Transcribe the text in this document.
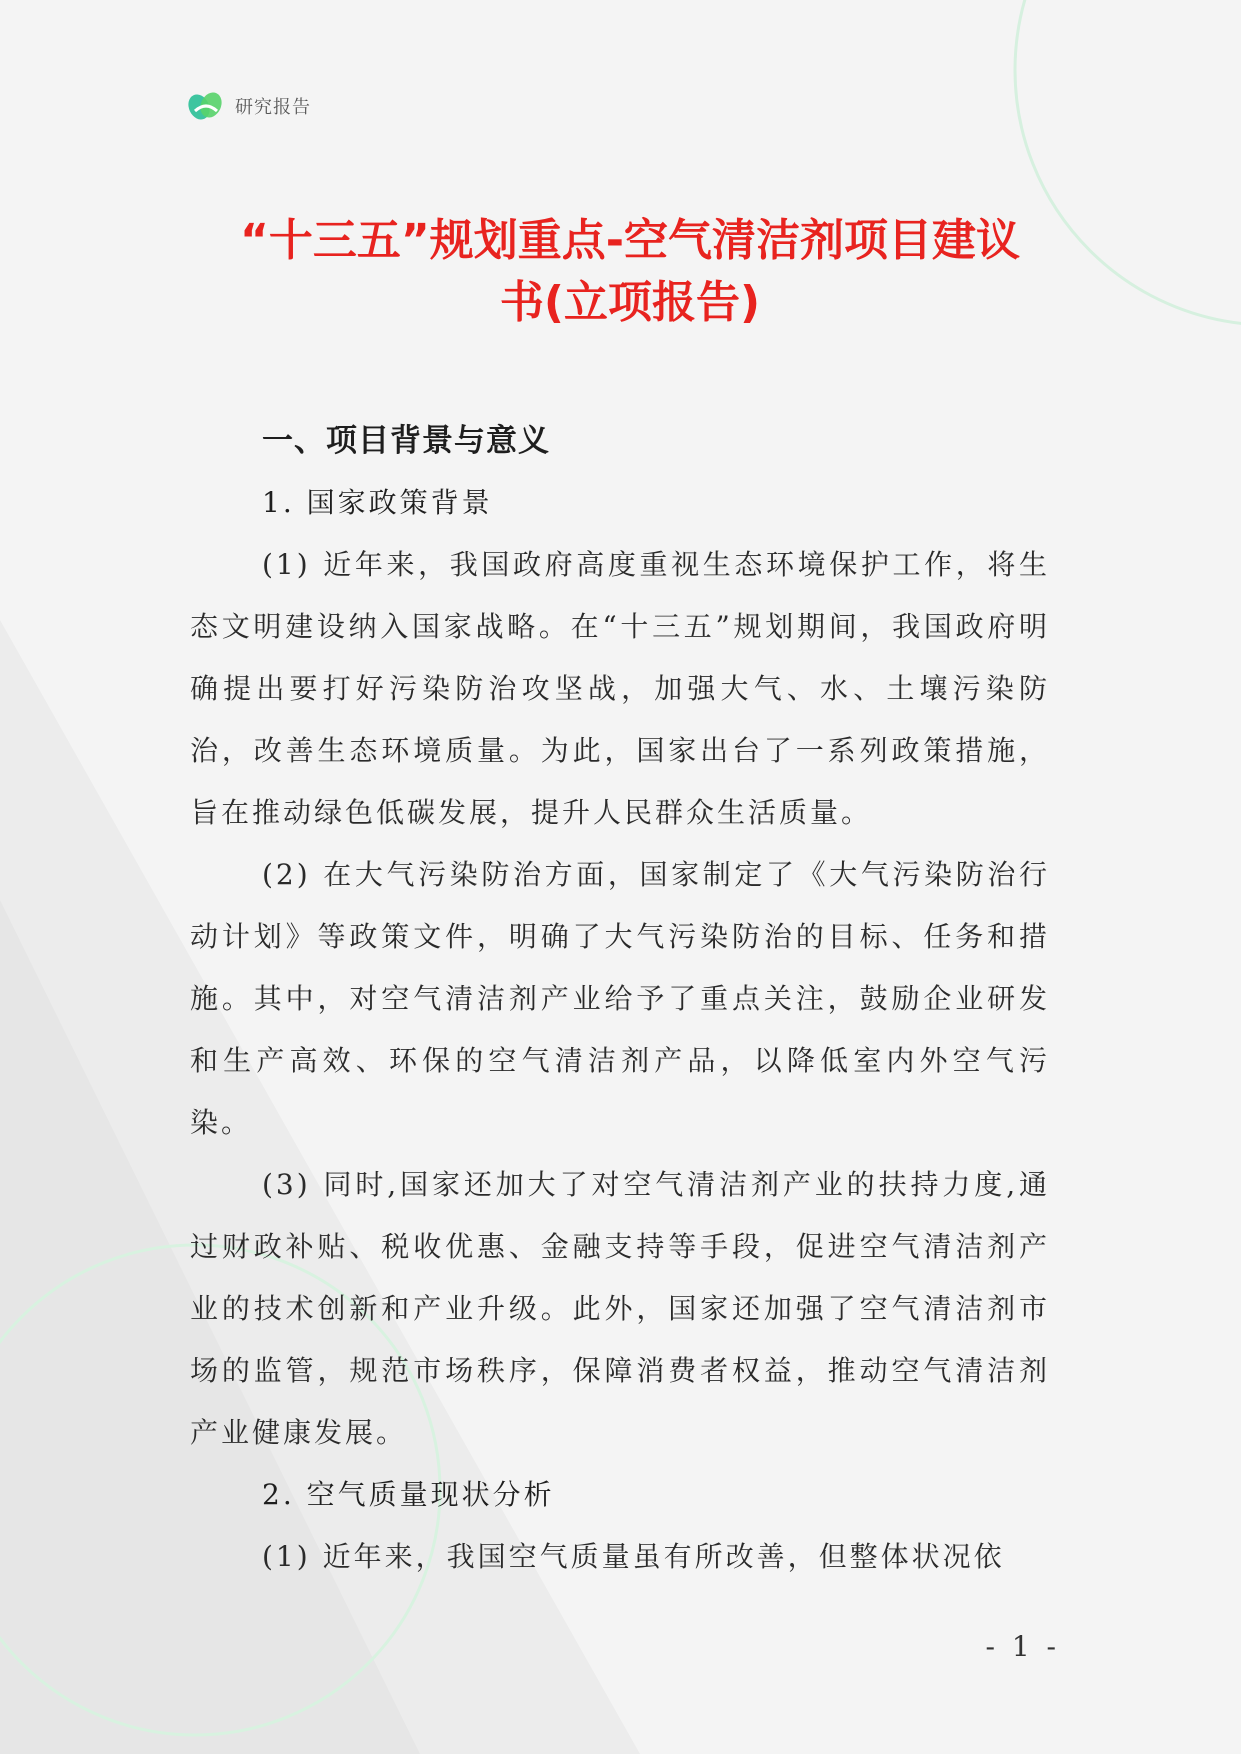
研究报告
“十三五”规划重点-空气清洁剂项目建议
书(立项报告)

一、项目背景与意义

1. 国家政策背景

(1) 近年来，我国政府高度重视生态环境保护工作，将生态文明建设纳入国家战略。在“十三五”规划期间，我国政府明确提出要打好污染防治攻坚战，加强大气、水、土壤污染防治，改善生态环境质量。为此，国家出台了一系列政策措施，旨在推动绿色低碳发展，提升人民群众生活质量。

(2) 在大气污染防治方面，国家制定了《大气污染防治行动计划》等政策文件，明确了大气污染防治的目标、任务和措施。其中，对空气清洁剂产业给予了重点关注，鼓励企业研发和生产高效、环保的空气清洁剂产品，以降低室内外空气污染。

(3) 同时,国家还加大了对空气清洁剂产业的扶持力度,通过财政补贴、税收优惠、金融支持等手段，促进空气清洁剂产业的技术创新和产业升级。此外，国家还加强了空气清洁剂市场的监管，规范市场秩序，保障消费者权益，推动空气清洁剂产业健康发展。

2. 空气质量现状分析

(1) 近年来，我国空气质量虽有所改善，但整体状况依

- 1 -
